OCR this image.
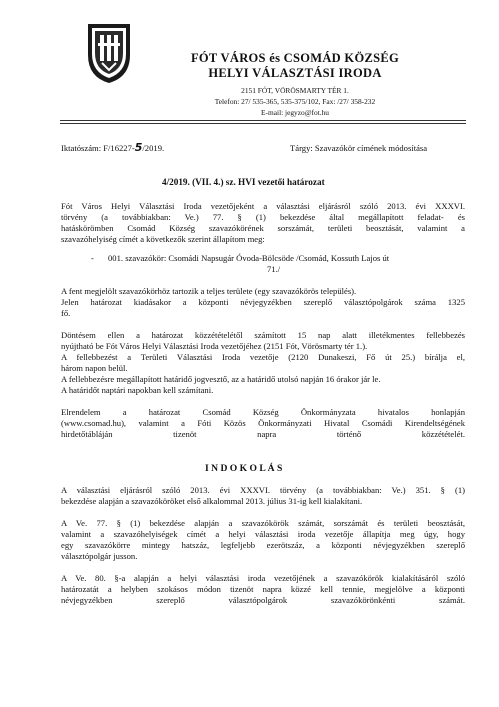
FÓT VÁROS és CSOMÁD KÖZSÉG
HELYI VÁLASZTÁSI IRODA
2151 FÓT, VÖRÖSMARTY TÉR 1.
Telefon: 27/ 535-365, 535-375/102, Fax: /27/ 358-232
E-mail: jegyzo@fot.hu
Iktatószám: F/16227-5/2019.	Tárgy: Szavazókör címének módosítása
4/2019. (VII. 4.) sz. HVI vezetői határozat
Fót Város Helyi Választási Iroda vezetőjeként a választási eljárásról szóló 2013. évi XXXVI.
törvény (a továbbiakban: Ve.) 77. § (1) bekezdése által megállapított feladat- és
hatáskörömben Csomád Község szavazókörének sorszámát, területi beosztását, valamint a
szavazóhelyiség címét a következők szerint állapítom meg:
- 001. szavazókör: Csomádi Napsugár Óvoda-Bölcsöde /Csomád, Kossuth Lajos út
71./
A fent megjelölt szavazókörhöz tartozik a teljes területe (egy szavazókörös település).
Jelen határozat kiadásakor a központi névjegyzékben szereplő választópolgárok száma 1325
fő.
Döntésem ellen a határozat közzétételétől számított 15 nap alatt illetékmentes fellebbezés
nyújtható be Fót Város Helyi Választási Iroda vezetőjéhez (2151 Fót, Vörösmarty tér 1.).
A fellebbezést a Területi Választási Iroda vezetője (2120 Dunakeszi, Fő út 25.) bírálja el,
három napon belül.
A fellebbezésre megállapított határidő jogvesztő, az a határidő utolsó napján 16 órakor jár le.
A határidőt naptári napokban kell számítani.
Elrendelem a határozat Csomád Község Önkormányzata hivatalos honlapján
(www.csomad.hu), valamint a Fóti Közös Önkormányzati Hivatal Csomádi Kirendeltségének
hirdetőtábláján tizenöt napra történő közzétételét.
I N D O K O L Á S
A választási eljárásról szóló 2013. évi XXXVI. törvény (a továbbiakban: Ve.) 351. § (1)
bekezdése alapján a szavazóköröket első alkalommal 2013. július 31-ig kell kialakítani.
A Ve. 77. § (1) bekezdése alapján a szavazókörök számát, sorszámát és területi beosztását,
valamint a szavazóhelyiségek címét a helyi választási iroda vezetője állapítja meg úgy, hogy
egy szavazókörre mintegy hatszáz, legfeljebb ezerötszáz, a központi névjegyzékben szereplő
választópolgár jusson.
A Ve. 80. §-a alapján a helyi választási iroda vezetőjének a szavazókörök kialakításáról szóló
határozatát a helyben szokásos módon tizenöt napra közzé kell tennie, megjelölve a központi
névjegyzékben szereplő választópolgárok szavazókörönkénti számát.
